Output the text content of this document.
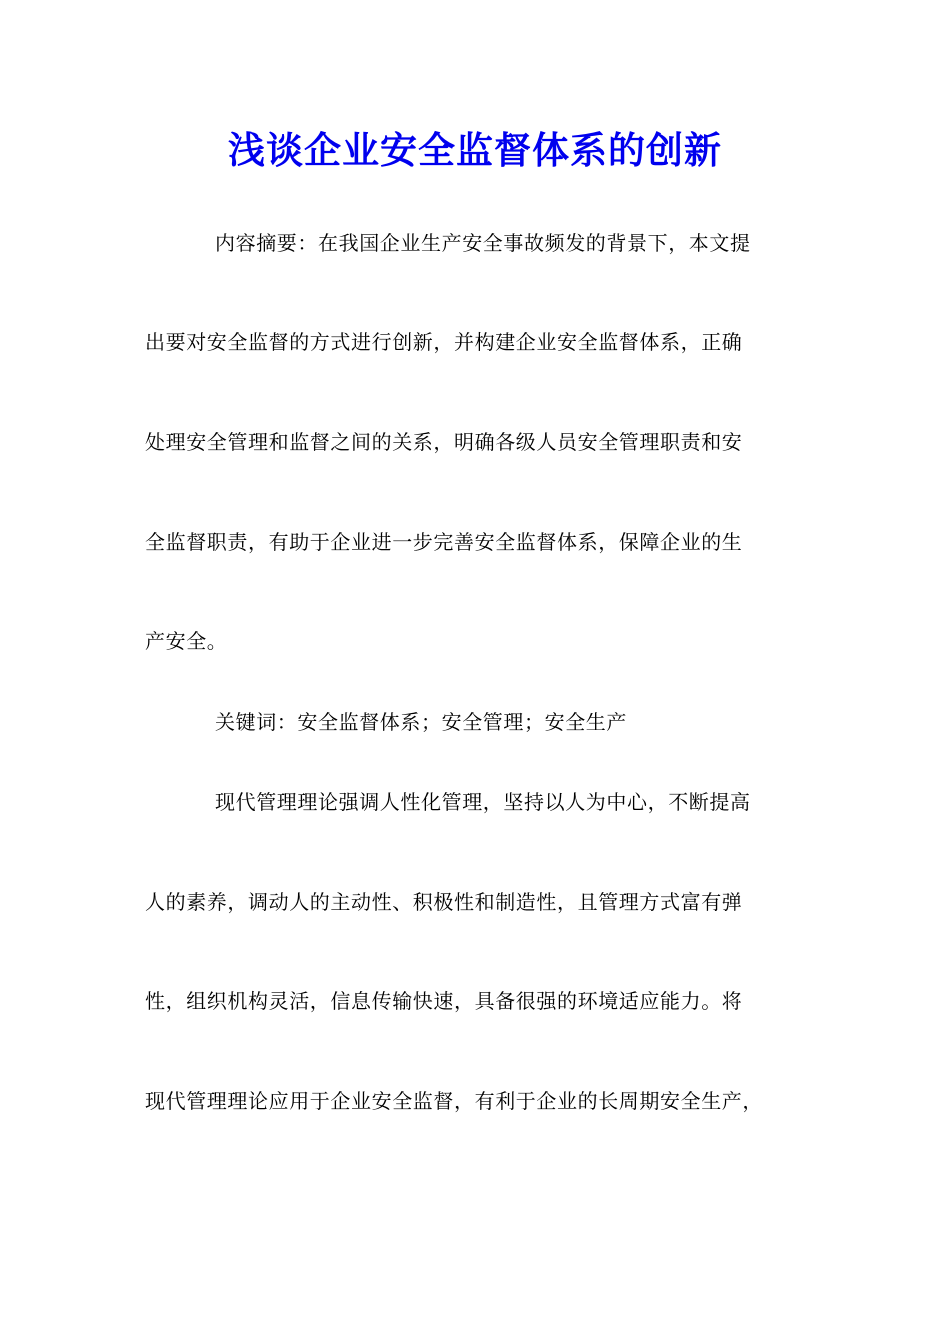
浅谈企业安全监督体系的创新
内容摘要：在我国企业生产安全事故频发的背景下，本文提
出要对安全监督的方式进行创新，并构建企业安全监督体系，正确
处理安全管理和监督之间的关系，明确各级人员安全管理职责和安
全监督职责，有助于企业进一步完善安全监督体系，保障企业的生
产安全。
关键词：安全监督体系；安全管理；安全生产
现代管理理论强调人性化管理，坚持以人为中心，不断提高
人的素养，调动人的主动性、积极性和制造性，且管理方式富有弹
性，组织机构灵活，信息传输快速，具备很强的环境适应能力。将
现代管理理论应用于企业安全监督，有利于企业的长周期安全生产，
